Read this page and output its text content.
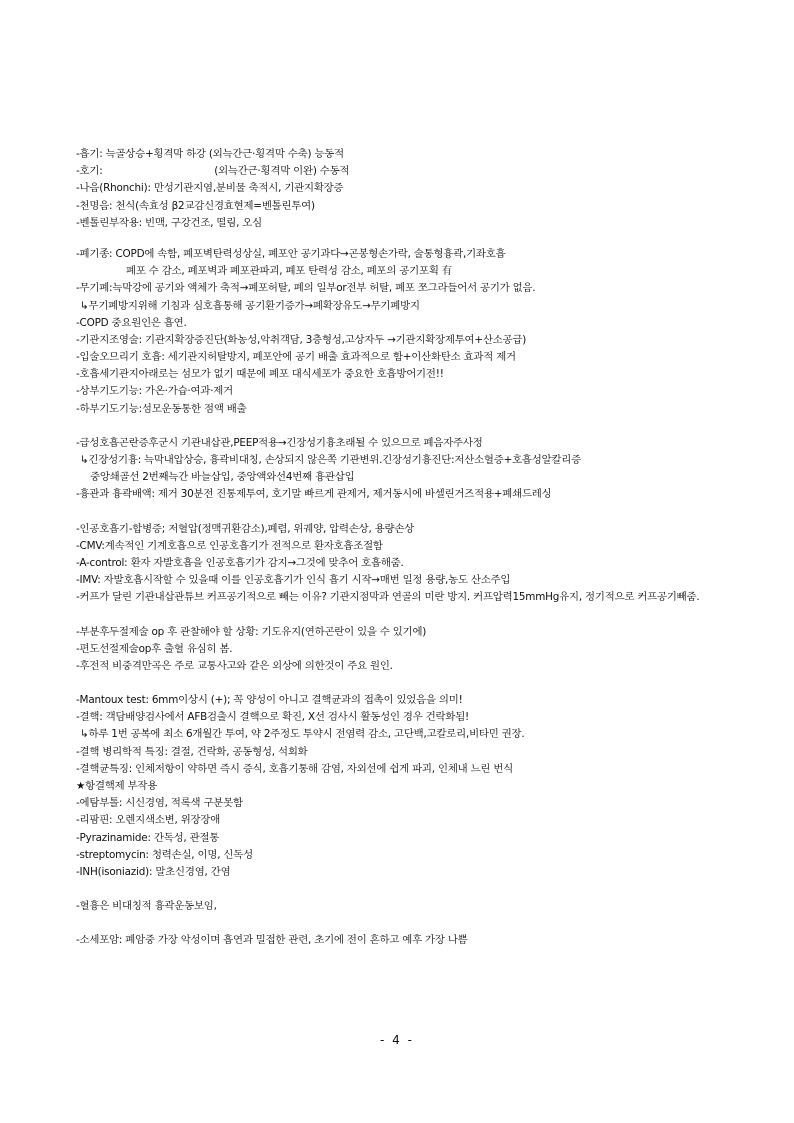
-흡기: 늑골상승+횡격막 하강 (외늑간근·횡격막 수축) 능동적
-호기:                                    (외늑간근·횡격막 이완) 수동적
-나음(Rhonchi): 만성기관지염,분비물 축적시, 기관지확장증
-천명음: 천식(속효성 β2교감신경효현제=벤톨린투여)
-벤톨린부작용: 빈맥, 구강건조, 떨림, 오심
-폐기종: COPD에 속함, 폐포벽탄력성상실, 폐포안 공기과다→곤봉형손가락, 술통형흉곽,기좌호흡
폐포 수 감소, 폐포벽과 폐포관파괴, 폐포 탄력성 감소, 폐포의 공기포획 有
-무기폐:늑막강에 공기와 액체가 축적→폐포허탈, 폐의 일부or전부 허탈, 폐포 쪼그라들어서 공기가 없음.
↳무기폐방지위해 기침과 심호흡통해 공기환기증가→폐확장유도→무기폐방지
-COPD 중요원인은 흡연.
-기관지조영술: 기관지확장증진단(화농성,악취객담, 3층형성,고상자두 →기관지확장제투여+산소공급)
-입술오므리기 호흡: 세기관지허탈방지, 폐포안에 공기 배출 효과적으로 함+이산화탄소 효과적 제거
-호흡세기관지아래로는 섬모가 없기 때문에 폐포 대식세포가 중요한 호흡방어기전!!
-상부기도기능: 가온·가습·여과·제거
-하부기도기능:섬모운동통한 점액 배출
-급성호흡곤란증후군시 기관내삽관,PEEP적용→긴장성기흉초래될 수 있으므로 폐음자주사정
↳긴장성기흉: 늑막내압상승, 흉곽비대칭, 손상되지 않은쪽 기관변위.긴장성기흉진단:저산소혈증+호흡성알칼리증
중앙쇄골선 2번째늑간 바늘삽입, 중앙액와선4번째 흉관삽입
-흉관과 흉곽배액: 제거 30분전 진통제투여, 호기말 빠르게 관제거, 제거동시에 바셀린거즈적용+폐쇄드레싱
-인공호흡기-합병증; 저혈압(정맥귀환감소),폐렴, 위궤양, 압력손상, 용량손상
-CMV:계속적인 기계호흡으로 인공호흡기가 전적으로 환자호흡조절함
-A-control: 환자 자발호흡을 인공호흡기가 감지→그것에 맞추어 호흡해줌.
-IMV: 자발호흡시작할 수 있을때 이를 인공호흡기가 인식 흡기 시작→매번 일정 용량,농도 산소주입
-커프가 달린 기관내삽관튜브 커프공기적으로 빼는 이유? 기관지점막과 연골의 미란 방지. 커프압력15mmHg유지, 정기적으로 커프공기빼줌.
-부분후두절제술 op 후 관찰해야 할 상황: 기도유지(연하곤란이 있을 수 있기에)
-편도선절제술op후 출혈 유심히 봄.
-후전적 비중격만곡은 주로 교통사고와 같은 외상에 의한것이 주요 원인.
-Mantoux test: 6mm이상시 (+); 꼭 양성이 아니고 결핵균과의 접촉이 있었음을 의미!
-결핵: 객담배양검사에서 AFB검출시 결핵으로 확진, X선 검사시 활동성인 경우 건락화됨!
↳하루 1번 공복에 최소 6개월간 투여, 약 2주정도 투약시 전염력 감소, 고단백,고칼로리,비타민 권장.
-결핵 병리학적 특징: 결절, 건락화, 공동형성, 석회화
-결핵균특징: 인체저항이 약하면 즉시 증식, 호흡기통해 감염, 자외선에 쉽게 파괴, 인체내 느린 번식
★항결핵제 부작용
-에탐부톨: 시신경염, 적록색 구분못함
-리팜핀: 오렌지색소변, 위장장애
-Pyrazinamide: 간독성, 관절통
-streptomycin: 청력손실, 이명, 신독성
-INH(isoniazid): 말초신경염, 간염
-혈흉은 비대칭적 흉곽운동보임,
-소세포암: 폐암중 가장 악성이며 흡연과 밀접한 관련, 초기에 전이 흔하고 예후 가장 나쁨
- 4 -
